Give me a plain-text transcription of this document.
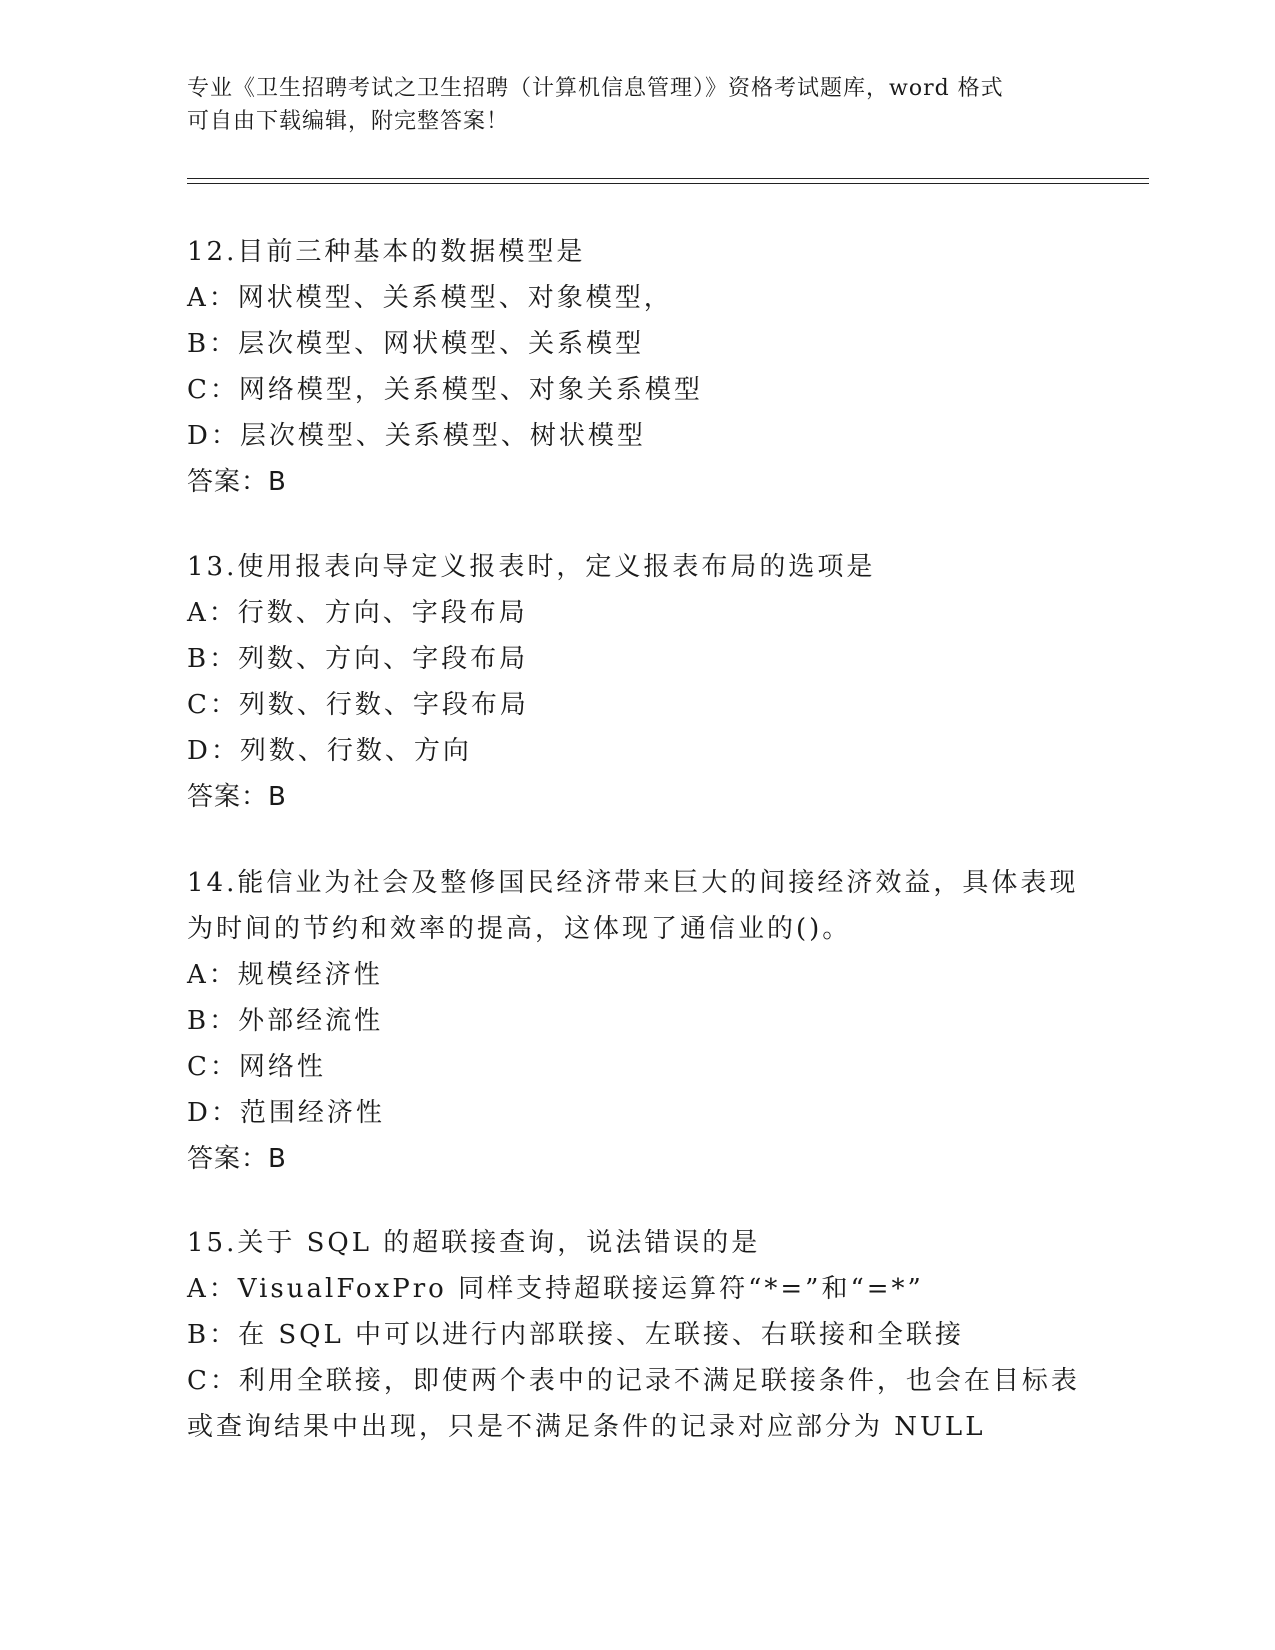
专业《卫生招聘考试之卫生招聘（计算机信息管理）》资格考试题库，word 格式
可自由下载编辑，附完整答案！
12.目前三种基本的数据模型是
A：网状模型、关系模型、对象模型，
B：层次模型、网状模型、关系模型
C：网络模型，关系模型、对象关系模型
D：层次模型、关系模型、树状模型
答案：B
13.使用报表向导定义报表时，定义报表布局的选项是
A：行数、方向、字段布局
B：列数、方向、字段布局
C：列数、行数、字段布局
D：列数、行数、方向
答案：B
14.能信业为社会及整修国民经济带来巨大的间接经济效益，具体表现
为时间的节约和效率的提高，这体现了通信业的()。
A：规模经济性
B：外部经流性
C：网络性
D：范围经济性
答案：B
15.关于 SQL 的超联接查询，说法错误的是
A：VisualFoxPro 同样支持超联接运算符“*=”和“=*”
B：在 SQL 中可以进行内部联接、左联接、右联接和全联接
C：利用全联接，即使两个表中的记录不满足联接条件，也会在目标表
或查询结果中出现，只是不满足条件的记录对应部分为 NULL
